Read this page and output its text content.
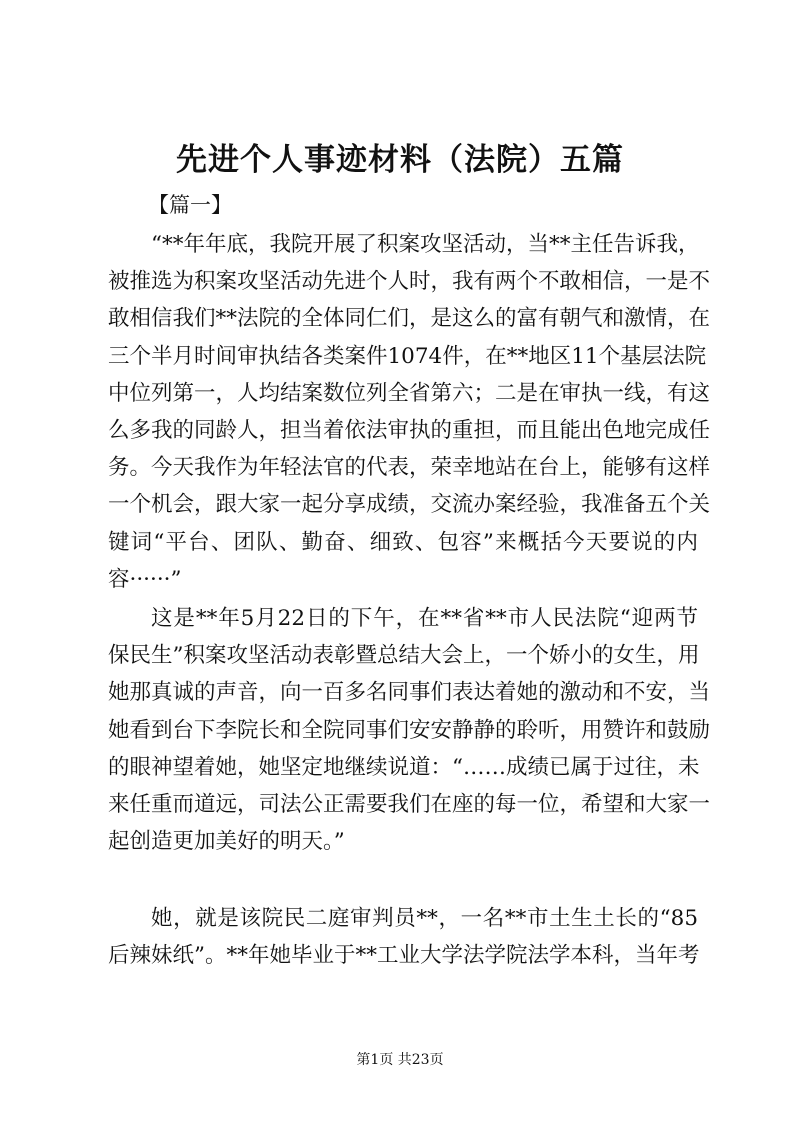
先进个人事迹材料（法院）五篇
【篇一】
“**年年底，我院开展了积案攻坚活动，当**主任告诉我，
被推选为积案攻坚活动先进个人时，我有两个不敢相信，一是不
敢相信我们**法院的全体同仁们，是这么的富有朝气和激情，在
三个半月时间审执结各类案件1074件，在**地区11个基层法院
中位列第一，人均结案数位列全省第六；二是在审执一线，有这
么多我的同龄人，担当着依法审执的重担，而且能出色地完成任
务。今天我作为年轻法官的代表，荣幸地站在台上，能够有这样
一个机会，跟大家一起分享成绩，交流办案经验，我准备五个关
键词“平台、团队、勤奋、细致、包容”来概括今天要说的内
容······”
这是**年5月22日的下午，在**省**市人民法院“迎两节
保民生”积案攻坚活动表彰暨总结大会上，一个娇小的女生，用
她那真诚的声音，向一百多名同事们表达着她的激动和不安，当
她看到台下李院长和全院同事们安安静静的聆听，用赞许和鼓励
的眼神望着她，她坚定地继续说道：“……成绩已属于过往，未
来任重而道远，司法公正需要我们在座的每一位，希望和大家一
起创造更加美好的明天。”
她，就是该院民二庭审判员**，一名**市土生土长的“85
后辣妹纸”。**年她毕业于**工业大学法学院法学本科，当年考
第1页 共23页
